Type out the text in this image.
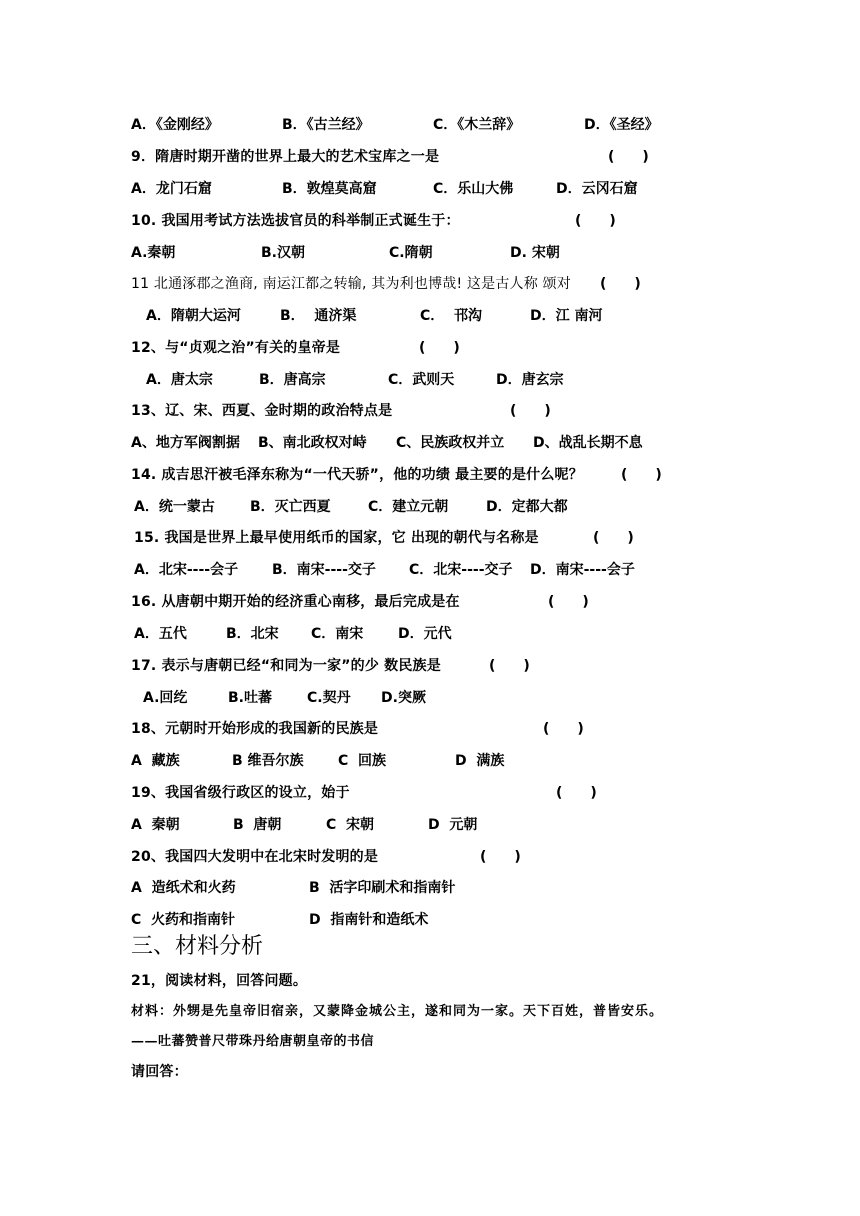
A．《金刚经》	B．《古兰经》	C．《木兰辞》	D．《圣经》
9．隋唐时期开凿的世界上最大的艺术宝库之一是	(　　)
A．龙门石窟	B．敦煌莫高窟	C．乐山大佛	D．云冈石窟
10. 我国用考试方法选拔官员的科举制正式诞生于：	(　　)
A.秦朝	B.汉朝	C.隋朝	D. 宋朝
11 北通涿郡之渔商, 南运江都之转输, 其为利也博哉! 这是古人称 颂对 (　　)
A．隋朝大运河	B．  通济渠	C．  邗沟	D．江 南河
12、与“贞观之治”有关的皇帝是	(　　)
A．唐太宗	B．唐高宗	C．武则天	D．唐玄宗
13、辽、宋、西夏、金时期的政治特点是	(　　)
A、地方军阀割据 B、南北政权对峙 C、民族政权并立 D、战乱长期不息
14. 成吉思汗被毛泽东称为“一代天骄”，他的功绩 最主要的是什么呢？	(　　)
A．统一蒙古	B．灭亡西夏	C．建立元朝	D．定都大都
15. 我国是世界上最早使用纸币的国家，它 出现的朝代与名称是	(　　)
A．北宋----会子 B．南宋----交子 C．北宋----交子 D．南宋----会子
16. 从唐朝中期开始的经济重心南移，最后完成是在	(　　)
A．五代	B．北宋 C．南宋 D．元代
17. 表示与唐朝已经“和同为一家”的少 数民族是	(　　)
A.回纥	B.吐蕃	C.契丹 D.突厥
18、元朝时开始形成的我国新的民族是	(　　)
A  藏族	B 维吾尔族 C  回族	D  满族
19、我国省级行政区的设立，始于	(　　)
A  秦朝	B  唐朝	C  宋朝	D  元朝
20、我国四大发明中在北宋时发明的是	(　　)
A  造纸术和火药	B  活字印刷术和指南针
C  火药和指南针	D  指南针和造纸术
三、材料分析
21，阅读材料，回答问题。
材料：外甥是先皇帝旧宿亲，又蒙降金城公主，遂和同为一家。天下百姓，普皆安乐。
——吐蕃赞普尺带珠丹给唐朝皇帝的书信
请回答：
